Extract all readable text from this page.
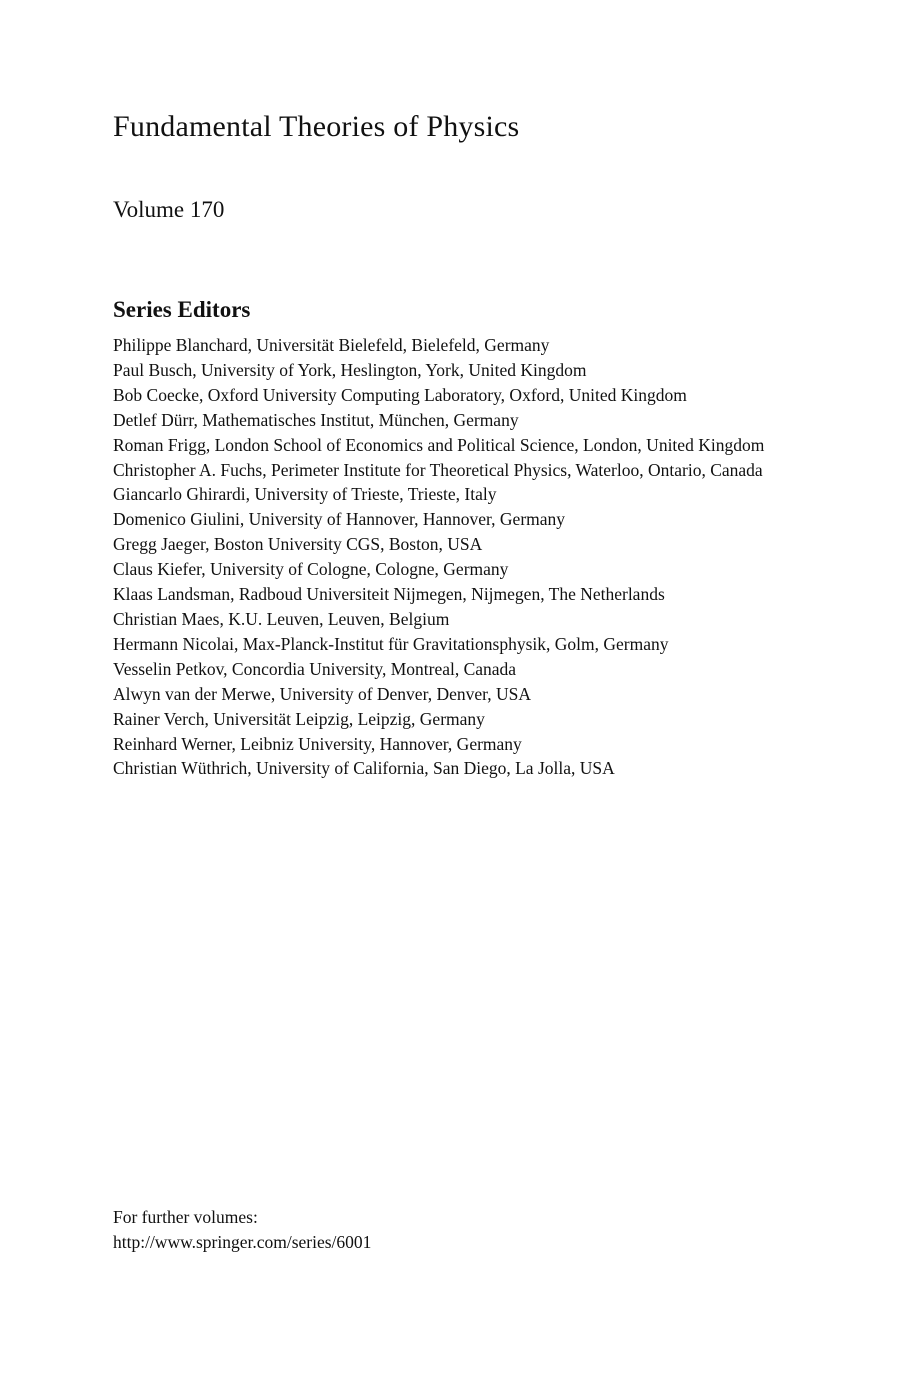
Fundamental Theories of Physics
Volume 170
Series Editors
Philippe Blanchard, Universität Bielefeld, Bielefeld, Germany
Paul Busch, University of York, Heslington, York, United Kingdom
Bob Coecke, Oxford University Computing Laboratory, Oxford, United Kingdom
Detlef Dürr, Mathematisches Institut, München, Germany
Roman Frigg, London School of Economics and Political Science, London, United Kingdom
Christopher A. Fuchs, Perimeter Institute for Theoretical Physics, Waterloo, Ontario, Canada
Giancarlo Ghirardi, University of Trieste, Trieste, Italy
Domenico Giulini, University of Hannover, Hannover, Germany
Gregg Jaeger, Boston University CGS, Boston, USA
Claus Kiefer, University of Cologne, Cologne, Germany
Klaas Landsman, Radboud Universiteit Nijmegen, Nijmegen, The Netherlands
Christian Maes, K.U. Leuven, Leuven, Belgium
Hermann Nicolai, Max-Planck-Institut für Gravitationsphysik, Golm, Germany
Vesselin Petkov, Concordia University, Montreal, Canada
Alwyn van der Merwe, University of Denver, Denver, USA
Rainer Verch, Universität Leipzig, Leipzig, Germany
Reinhard Werner, Leibniz University, Hannover, Germany
Christian Wüthrich, University of California, San Diego, La Jolla, USA
For further volumes:
http://www.springer.com/series/6001
